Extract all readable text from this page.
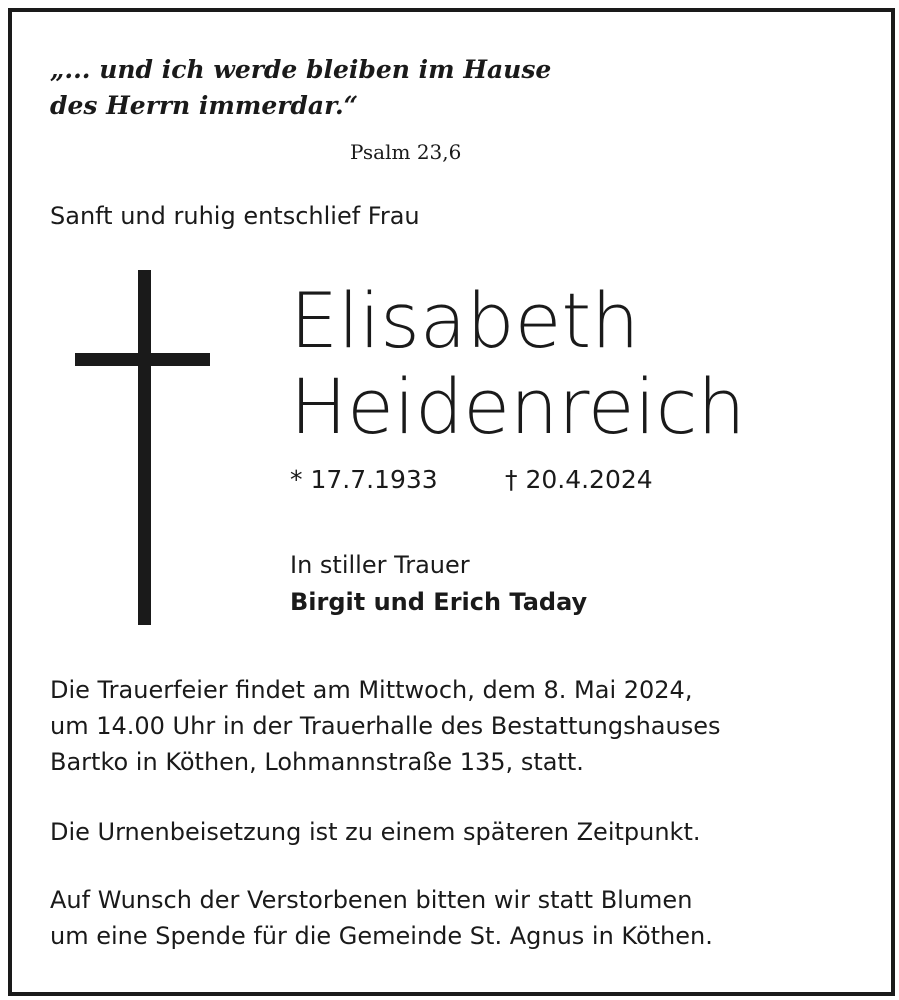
„... und ich werde bleiben im Hause
des Herrn immerdar.“
Psalm 23,6
Sanft und ruhig entschlief Frau
Elisabeth
Heidenreich
* 17.7.1933	† 20.4.2024
In stiller Trauer
Birgit und Erich Taday
Die Trauerfeier findet am Mittwoch, dem 8. Mai 2024,
um 14.00 Uhr in der Trauerhalle des Bestattungshauses
Bartko in Köthen, Lohmannstraße 135, statt.
Die Urnenbeisetzung ist zu einem späteren Zeitpunkt.
Auf Wunsch der Verstorbenen bitten wir statt Blumen
um eine Spende für die Gemeinde St. Agnus in Köthen.
